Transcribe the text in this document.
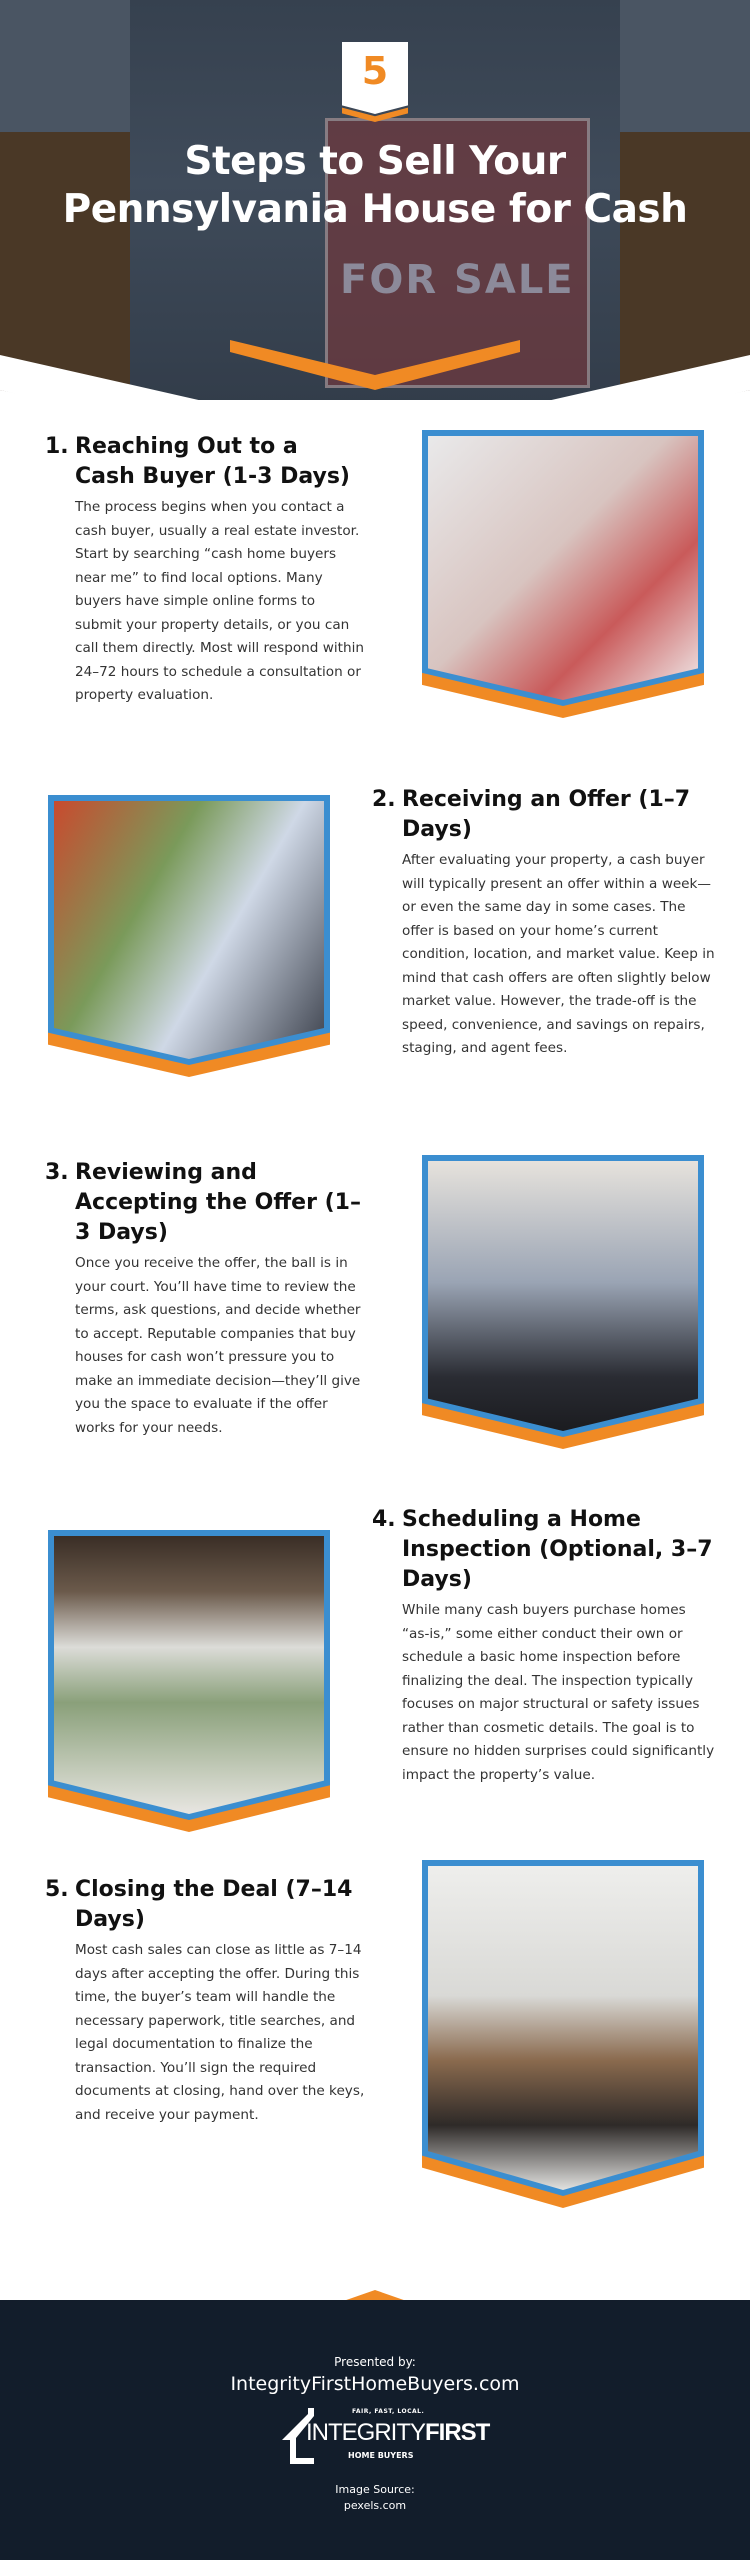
FOR SALE
5
Steps to Sell Your
Pennsylvania House for Cash
1. Reaching Out to a Cash Buyer (1-3 Days)

The process begins when you contact a cash buyer, usually a real estate investor. Start by searching “cash home buyers near me” to find local options. Many buyers have simple online forms to submit your property details, or you can call them directly. Most will respond within 24–72 hours to schedule a consultation or property evaluation.

2. Receiving an Offer (1–7 Days)

After evaluating your property, a cash buyer will typically present an offer within a week—or even the same day in some cases. The offer is based on your home’s current condition, location, and market value. Keep in mind that cash offers are often slightly below market value. However, the trade-off is the speed, convenience, and savings on repairs, staging, and agent fees.

3. Reviewing and Accepting the Offer (1–3 Days)

Once you receive the offer, the ball is in your court. You’ll have time to review the terms, ask questions, and decide whether to accept. Reputable companies that buy houses for cash won’t pressure you to make an immediate decision—they’ll give you the space to evaluate if the offer works for your needs.

4. Scheduling a Home Inspection (Optional, 3–7 Days)

While many cash buyers purchase homes “as-is,” some either conduct their own or schedule a basic home inspection before finalizing the deal. The inspection typically focuses on major structural or safety issues rather than cosmetic details. The goal is to ensure no hidden surprises could significantly impact the property’s value.

5. Closing the Deal (7–14 Days)

Most cash sales can close as little as 7–14 days after accepting the offer. During this time, the buyer’s team will handle the necessary paperwork, title searches, and legal documentation to finalize the transaction. You’ll sign the required documents at closing, hand over the keys, and receive your payment.

Presented by:
IntegrityFirstHomeBuyers.com
FAIR, FAST, LOCAL.
INTEGRITYFIRST
HOME BUYERS
Image Source:
pexels.com
